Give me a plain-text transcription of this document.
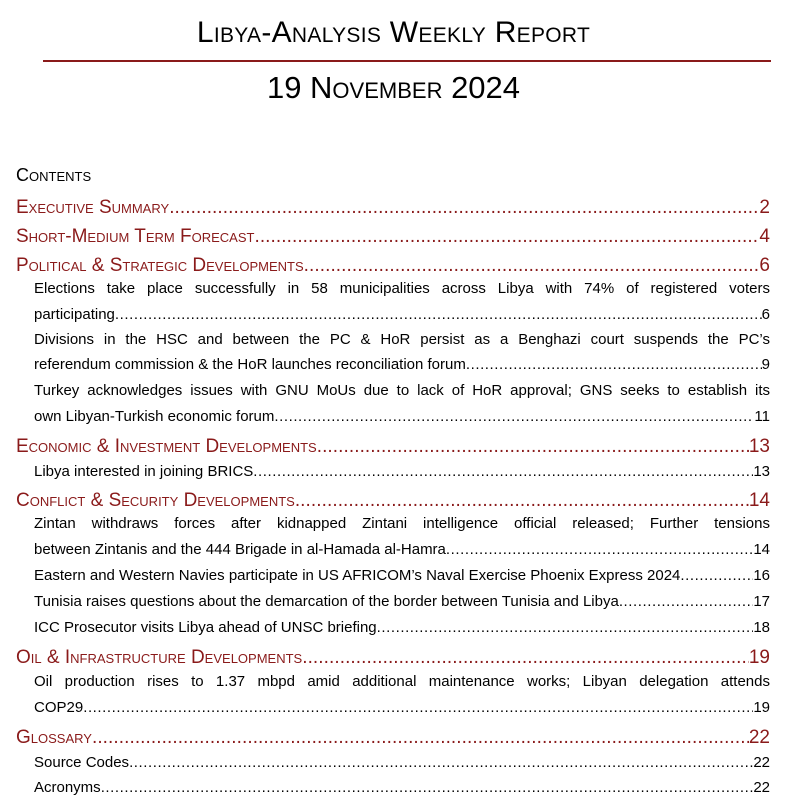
Libya-Analysis Weekly Report
19 November 2024
Contents
Executive Summary . . .	2
Short-Medium Term Forecast . . .	4
Political & Strategic Developments . . .	6
Elections take place successfully in 58 municipalities across Libya with 74% of registered voters
participating . . .	6
Divisions in the HSC and between the PC & HoR persist as a Benghazi court suspends the PC’s
referendum commission & the HoR launches reconciliation forum . . .	9
Turkey acknowledges issues with GNU MoUs due to lack of HoR approval; GNS seeks to establish its
own Libyan-Turkish economic forum . . .	11
Economic & Investment Developments . . .	13
Libya interested in joining BRICS . . .	13
Conflict & Security Developments . . .	14
Zintan withdraws forces after kidnapped Zintani intelligence official released; Further tensions
between Zintanis and the 444 Brigade in al-Hamada al-Hamra . . .	14
Eastern and Western Navies participate in US AFRICOM’s Naval Exercise Phoenix Express 2024 . . .	16
Tunisia raises questions about the demarcation of the border between Tunisia and Libya . . .	17
ICC Prosecutor visits Libya ahead of UNSC briefing . . .	18
Oil & Infrastructure Developments . . .	19
Oil production rises to 1.37 mbpd amid additional maintenance works; Libyan delegation attends
COP29 . . .	19
Glossary . . .	22
Source Codes . . .	22
Acronyms . . .	22
